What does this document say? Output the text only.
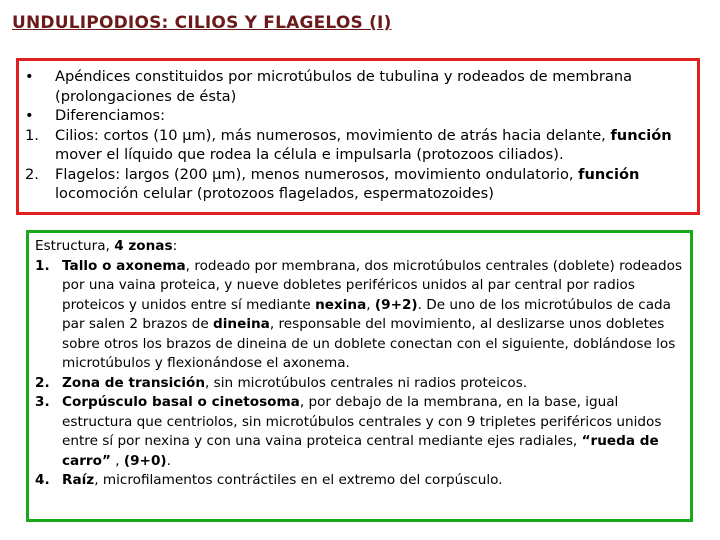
UNDULIPODIOS: CILIOS Y FLAGELOS (I)
• Apéndices constituidos por microtúbulos de tubulina y rodeados de membrana (prolongaciones de ésta)
• Diferenciamos:
1. Cilios: cortos (10 μm), más numerosos, movimiento de atrás hacia delante, función mover el líquido que rodea la célula e impulsarla (protozoos ciliados).
2. Flagelos: largos (200 μm), menos numerosos, movimiento ondulatorio, función locomoción celular (protozoos flagelados, espermatozoides)
Estructura, 4 zonas:
1. Tallo o axonema, rodeado por membrana, dos microtúbulos centrales (doblete) rodeados por una vaina proteica, y nueve dobletes periféricos unidos al par central por radios proteicos y unidos entre sí mediante nexina, (9+2). De uno de los microtúbulos de cada par salen 2 brazos de dineina, responsable del movimiento, al deslizarse unos dobletes sobre otros los brazos de dineina de un doblete conectan con el siguiente, doblándose los microtúbulos y flexionándose el axonema.
2. Zona de transición, sin microtúbulos centrales ni radios proteicos.
3. Corpúsculo basal o cinetosoma, por debajo de la membrana, en la base, igual estructura que centriolos, sin microtúbulos centrales y con 9 tripletes periféricos unidos entre sí por nexina y con una vaina proteica central mediante ejes radiales, “rueda de carro” , (9+0).
4. Raíz, microfilamentos contráctiles en el extremo del corpúsculo.
